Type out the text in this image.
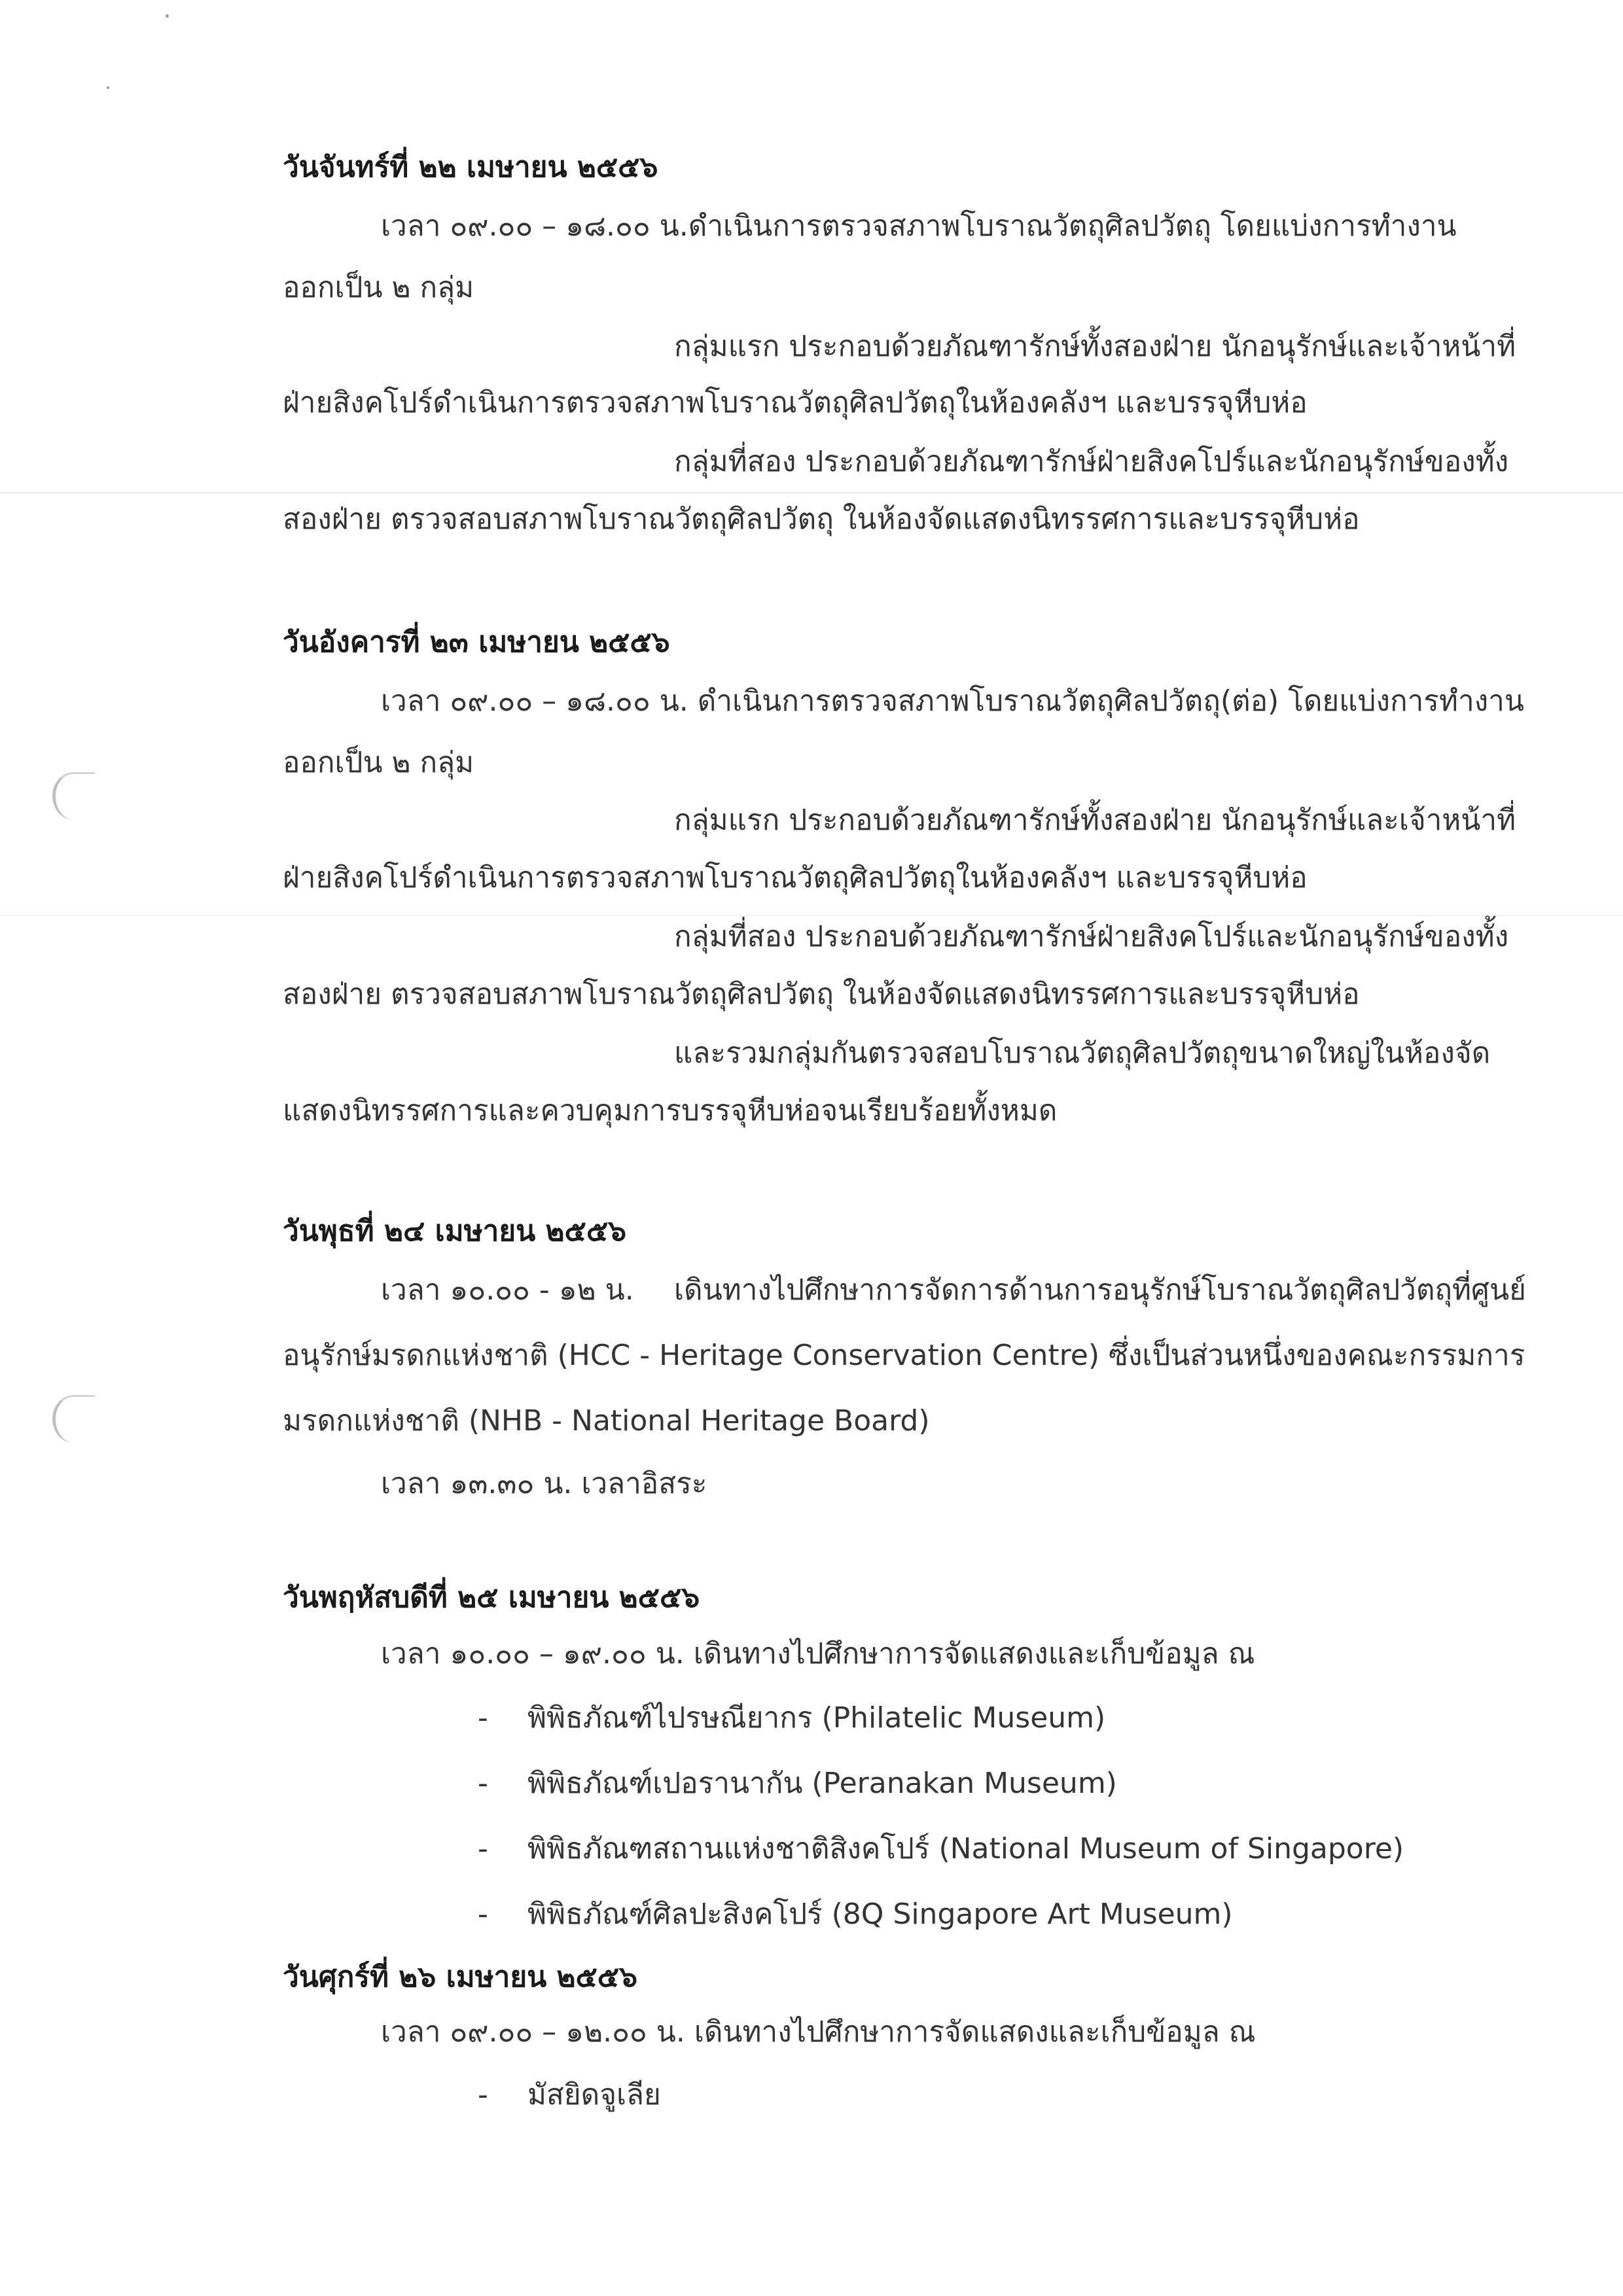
วันจันทร์ที่ ๒๒ เมษายน ๒๕๕๖
เวลา ๐๙.๐๐ – ๑๘.๐๐ น.ดำเนินการตรวจสภาพโบราณวัตถุศิลปวัตถุ โดยแบ่งการทำงาน
ออกเป็น ๒ กลุ่ม
กลุ่มแรก ประกอบด้วยภัณฑารักษ์ทั้งสองฝ่าย นักอนุรักษ์และเจ้าหน้าที่
ฝ่ายสิงคโปร์ดำเนินการตรวจสภาพโบราณวัตถุศิลปวัตถุในห้องคลังฯ และบรรจุหีบห่อ
กลุ่มที่สอง ประกอบด้วยภัณฑารักษ์ฝ่ายสิงคโปร์และนักอนุรักษ์ของทั้ง
สองฝ่าย ตรวจสอบสภาพโบราณวัตถุศิลปวัตถุ ในห้องจัดแสดงนิทรรศการและบรรจุหีบห่อ
วันอังคารที่ ๒๓ เมษายน ๒๕๕๖
เวลา ๐๙.๐๐ – ๑๘.๐๐ น. ดำเนินการตรวจสภาพโบราณวัตถุศิลปวัตถุ(ต่อ) โดยแบ่งการทำงาน
ออกเป็น ๒ กลุ่ม
กลุ่มแรก ประกอบด้วยภัณฑารักษ์ทั้งสองฝ่าย นักอนุรักษ์และเจ้าหน้าที่
ฝ่ายสิงคโปร์ดำเนินการตรวจสภาพโบราณวัตถุศิลปวัตถุในห้องคลังฯ และบรรจุหีบห่อ
กลุ่มที่สอง ประกอบด้วยภัณฑารักษ์ฝ่ายสิงคโปร์และนักอนุรักษ์ของทั้ง
สองฝ่าย ตรวจสอบสภาพโบราณวัตถุศิลปวัตถุ ในห้องจัดแสดงนิทรรศการและบรรจุหีบห่อ
และรวมกลุ่มกันตรวจสอบโบราณวัตถุศิลปวัตถุขนาดใหญ่ในห้องจัด
แสดงนิทรรศการและควบคุมการบรรจุหีบห่อจนเรียบร้อยทั้งหมด
วันพุธที่ ๒๔ เมษายน ๒๕๕๖
เวลา ๑๐.๐๐ - ๑๒ น. เดินทางไปศึกษาการจัดการด้านการอนุรักษ์โบราณวัตถุศิลปวัตถุที่ศูนย์
อนุรักษ์มรดกแห่งชาติ (HCC - Heritage Conservation Centre) ซึ่งเป็นส่วนหนึ่งของคณะกรรมการ
มรดกแห่งชาติ (NHB - National Heritage Board)
เวลา ๑๓.๓๐ น. เวลาอิสระ
วันพฤหัสบดีที่ ๒๕ เมษายน ๒๕๕๖
เวลา ๑๐.๐๐ – ๑๙.๐๐ น. เดินทางไปศึกษาการจัดแสดงและเก็บข้อมูล ณ
- พิพิธภัณฑ์ไปรษณียากร (Philatelic Museum)
- พิพิธภัณฑ์เปอรานากัน (Peranakan Museum)
- พิพิธภัณฑสถานแห่งชาติสิงคโปร์ (National Museum of Singapore)
- พิพิธภัณฑ์ศิลปะสิงคโปร์ (8Q Singapore Art Museum)
วันศุกร์ที่ ๒๖ เมษายน ๒๕๕๖
เวลา ๐๙.๐๐ – ๑๒.๐๐ น. เดินทางไปศึกษาการจัดแสดงและเก็บข้อมูล ณ
- มัสยิดจูเลีย
